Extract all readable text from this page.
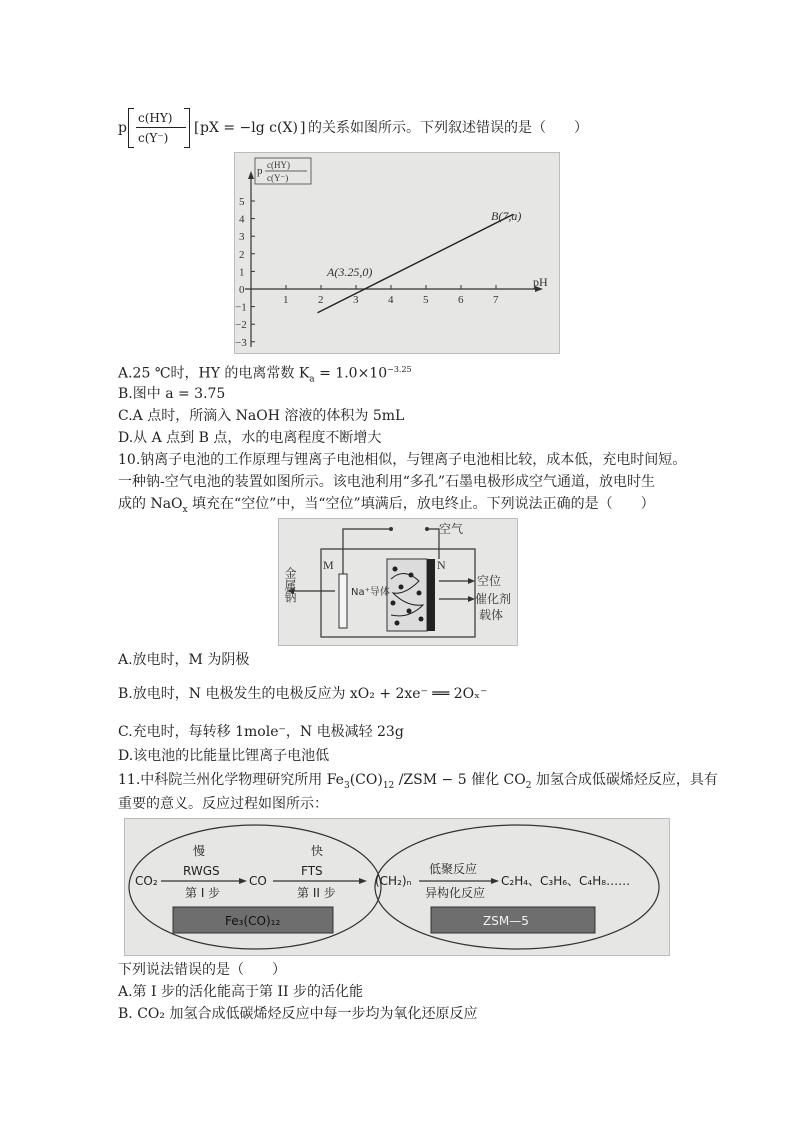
p
c(HY)
c(Y⁻)
[ pX = −lg c(X) ] 的关系如图所示。下列叙述错误的是（　　）
1	2	3	4	5	6	7
5
4
3
2
1
0
−1
−2
−3
p c(HY)
c(Y⁻)
pH
A(3.25,0)
B(7,a)
A.25 ℃时，HY 的电离常数 $K_a = 1.0\times 10^{-3.25}$
B.图中 a = 3.75
C.A 点时，所滴入 NaOH 溶液的体积为 5mL
D.从 A 点到 B 点，水的电离程度不断增大
10.钠离子电池的工作原理与锂离子电池相似，与锂离子电池相比较，成本低，充电时间短。
一种钠-空气电池的装置如图所示。该电池利用“多孔”石墨电极形成空气通道，放电时生
成的 NaO$_x$ 填充在“空位”中，当“空位”填满后，放电终止。下列说法正确的是（　　）
空气
M	N
Na⁺导体
空位
催化剂
载体
金属钠
A.放电时，M 为阴极
B.放电时，N 电极发生的电极反应为 xO₂ + 2xe⁻ ══ 2Oₓ⁻
C.充电时，每转移 1mole⁻，N 电极减轻 23g
D.该电池的比能量比锂离子电池低
11.中科院兰州化学物理研究所用 $Fe_3(CO)_{12}$ /ZSM − 5 催化 $CO_2$ 加氢合成低碳烯烃反应，具有
重要的意义。反应过程如图所示：
慢	快
RWGS
第 I 步
FTS
第 II 步
CO₂	CO	(CH₂)ₙ
低聚反应
异构化反应
C₂H₄、C₃H₆、C₄H₈……
Fe₃(CO)₁₂	ZSM—5
下列说法错误的是（　　）
A.第 I 步的活化能高于第 II 步的活化能
B. CO₂ 加氢合成低碳烯烃反应中每一步均为氧化还原反应
